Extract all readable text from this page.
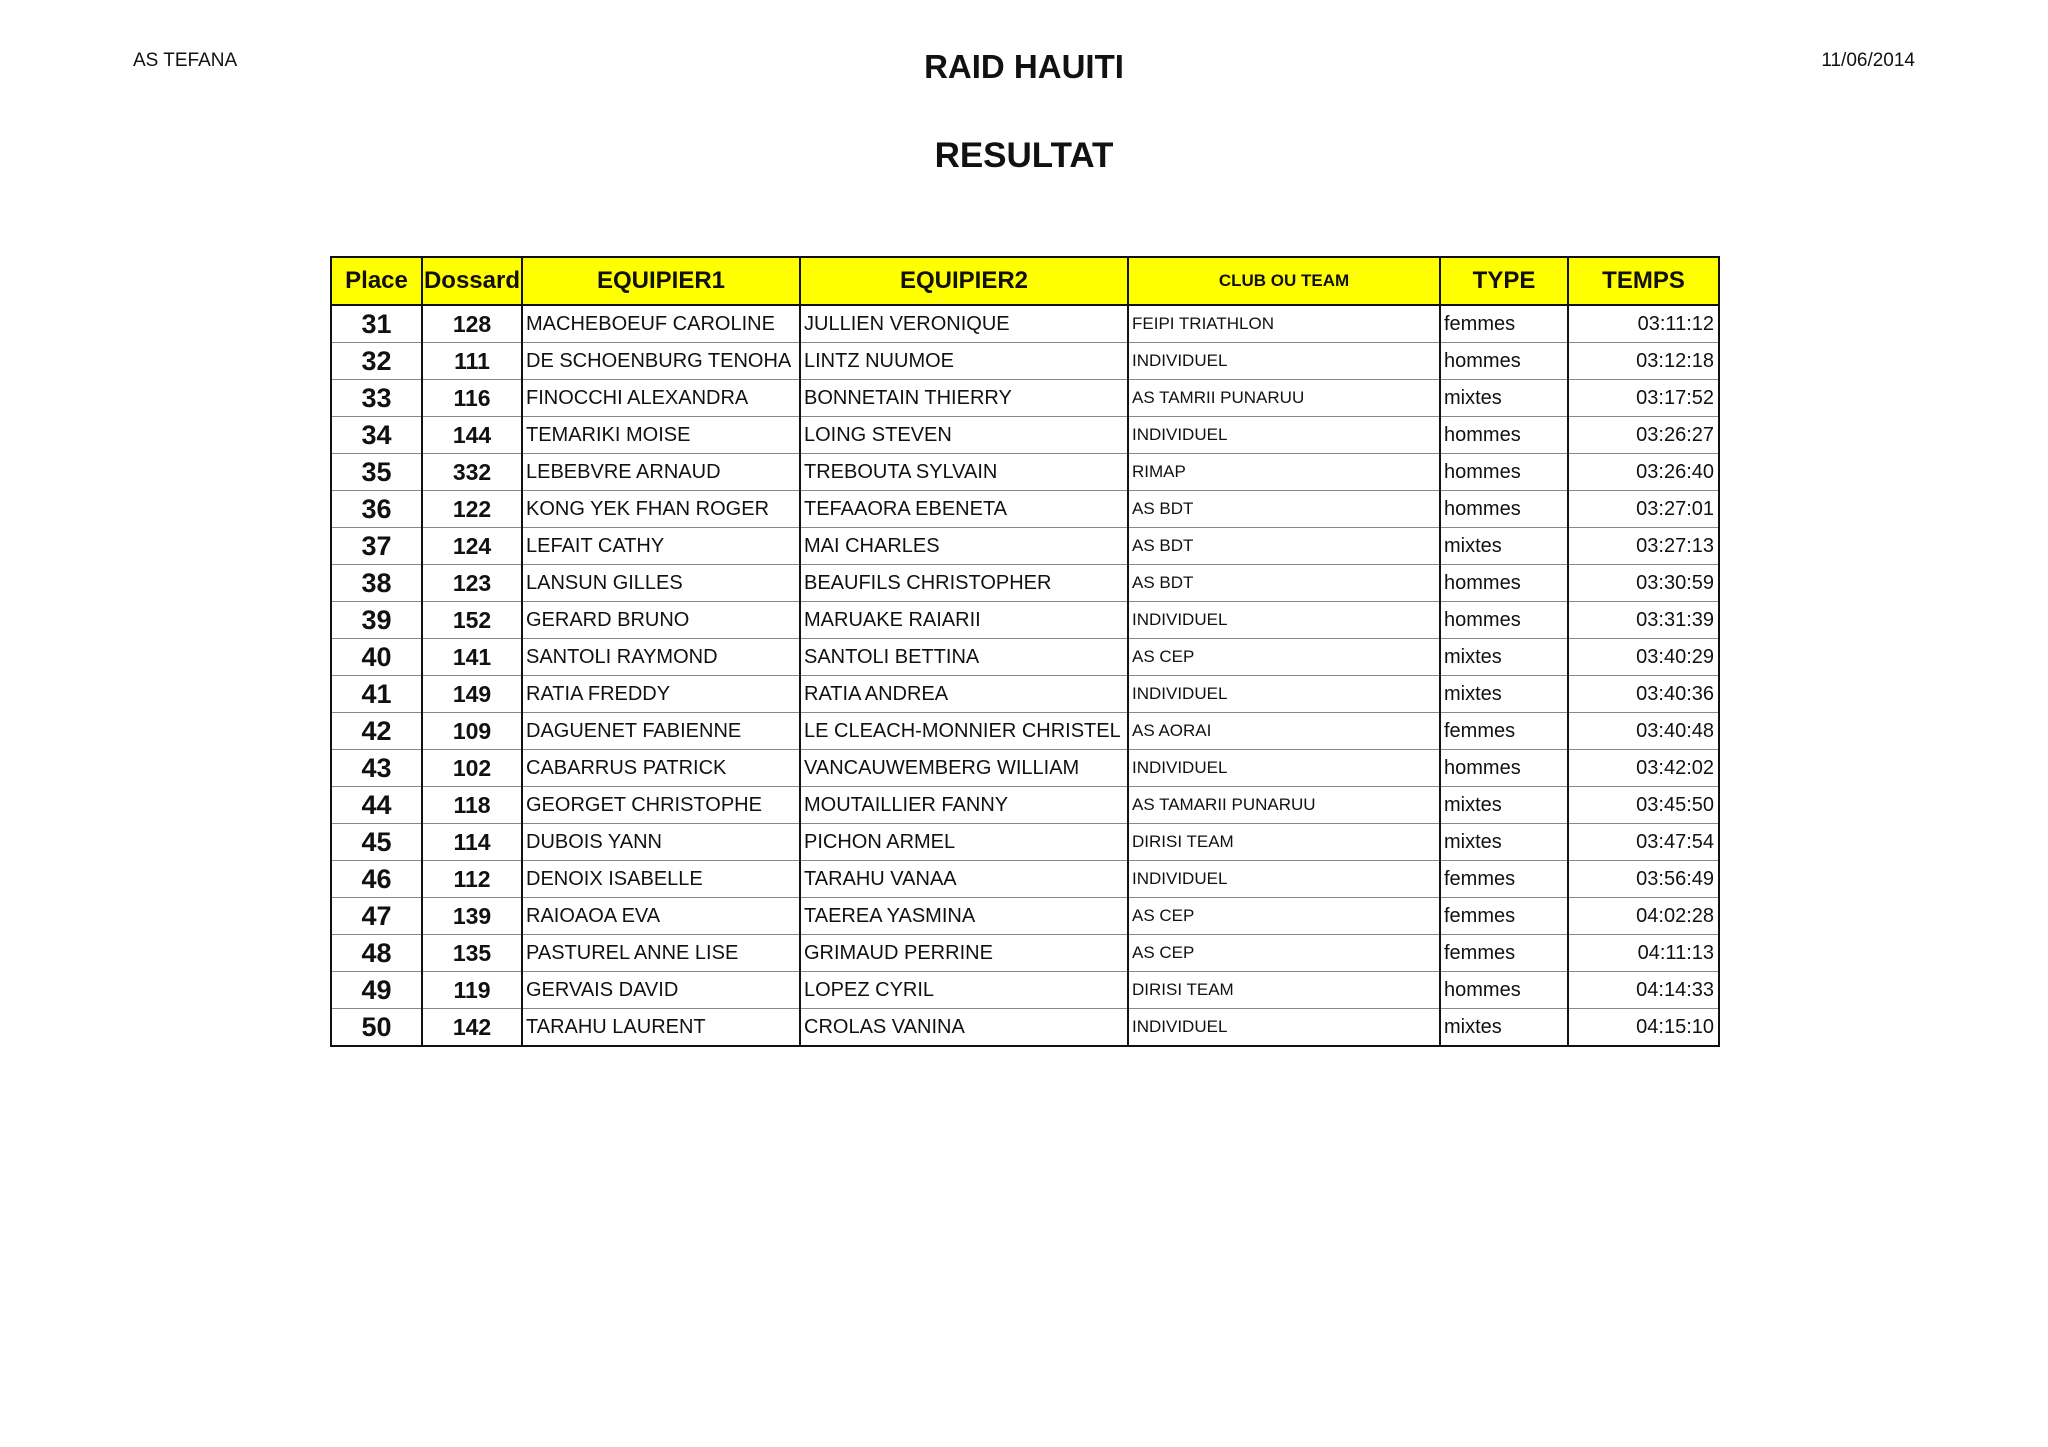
AS TEFANA	RAID HAUITI	11/06/2014
RESULTAT
Place	Dossard	EQUIPIER1	EQUIPIER2	CLUB OU TEAM	TYPE	TEMPS
31	128	MACHEBOEUF CAROLINE	JULLIEN VERONIQUE	FEIPI TRIATHLON	femmes	03:11:12
32	111	DE SCHOENBURG TENOHA	LINTZ NUUMOE	INDIVIDUEL	hommes	03:12:18
33	116	FINOCCHI ALEXANDRA	BONNETAIN THIERRY	AS TAMRII PUNARUU	mixtes	03:17:52
34	144	TEMARIKI MOISE	LOING STEVEN	INDIVIDUEL	hommes	03:26:27
35	332	LEBEBVRE ARNAUD	TREBOUTA SYLVAIN	RIMAP	hommes	03:26:40
36	122	KONG YEK FHAN ROGER	TEFAAORA EBENETA	AS BDT	hommes	03:27:01
37	124	LEFAIT CATHY	MAI CHARLES	AS BDT	mixtes	03:27:13
38	123	LANSUN GILLES	BEAUFILS CHRISTOPHER	AS BDT	hommes	03:30:59
39	152	GERARD BRUNO	MARUAKE RAIARII	INDIVIDUEL	hommes	03:31:39
40	141	SANTOLI RAYMOND	SANTOLI BETTINA	AS CEP	mixtes	03:40:29
41	149	RATIA FREDDY	RATIA ANDREA	INDIVIDUEL	mixtes	03:40:36
42	109	DAGUENET FABIENNE	LE CLEACH-MONNIER CHRISTEL	AS AORAI	femmes	03:40:48
43	102	CABARRUS PATRICK	VANCAUWEMBERG WILLIAM	INDIVIDUEL	hommes	03:42:02
44	118	GEORGET CHRISTOPHE	MOUTAILLIER FANNY	AS TAMARII PUNARUU	mixtes	03:45:50
45	114	DUBOIS YANN	PICHON ARMEL	DIRISI TEAM	mixtes	03:47:54
46	112	DENOIX ISABELLE	TARAHU VANAA	INDIVIDUEL	femmes	03:56:49
47	139	RAIOAOA EVA	TAEREA YASMINA	AS CEP	femmes	04:02:28
48	135	PASTUREL ANNE LISE	GRIMAUD PERRINE	AS CEP	femmes	04:11:13
49	119	GERVAIS DAVID	LOPEZ CYRIL	DIRISI TEAM	hommes	04:14:33
50	142	TARAHU LAURENT	CROLAS VANINA	INDIVIDUEL	mixtes	04:15:10
